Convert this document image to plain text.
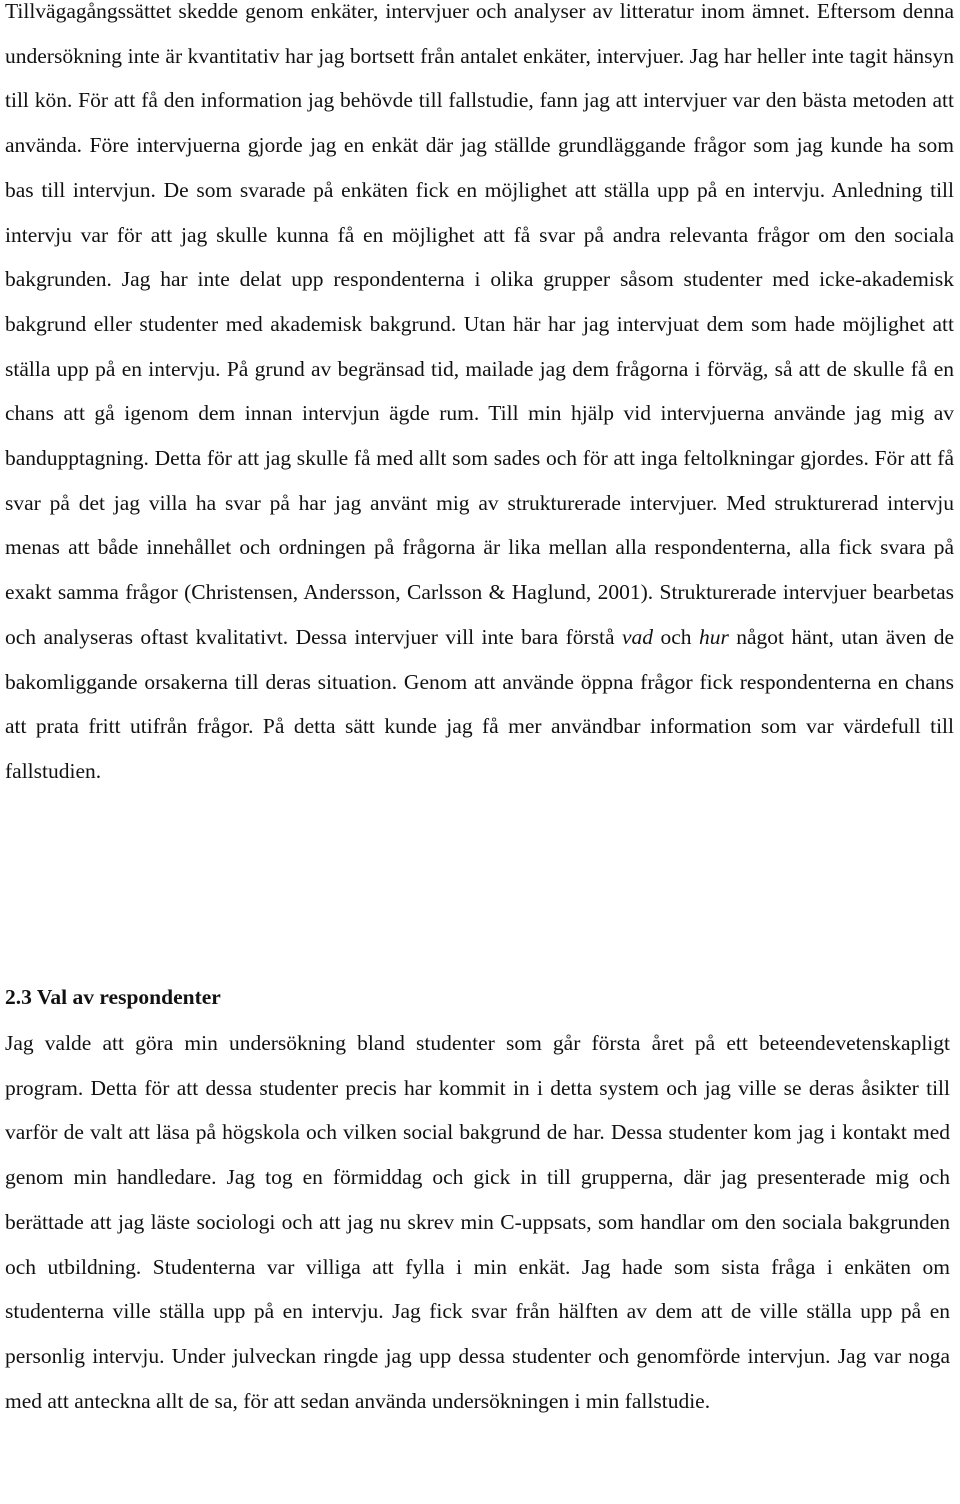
Tillvägagångssättet skedde genom enkäter, intervjuer och analyser av litteratur inom ämnet. Eftersom denna undersökning inte är kvantitativ har jag bortsett från antalet enkäter, intervjuer. Jag har heller inte tagit hänsyn till kön. För att få den information jag behövde till fallstudie, fann jag att intervjuer var den bästa metoden att använda. Före intervjuerna gjorde jag en enkät där jag ställde grundläggande frågor som jag kunde ha som bas till intervjun. De som svarade på enkäten fick en möjlighet att ställa upp på en intervju. Anledning till intervju var för att jag skulle kunna få en möjlighet att få svar på andra relevanta frågor om den sociala bakgrunden. Jag har inte delat upp respondenterna i olika grupper såsom studenter med icke-akademisk bakgrund eller studenter med akademisk bakgrund. Utan här har jag intervjuat dem som hade möjlighet att ställa upp på en intervju. På grund av begränsad tid, mailade jag dem frågorna i förväg, så att de skulle få en chans att gå igenom dem innan intervjun ägde rum. Till min hjälp vid intervjuerna använde jag mig av bandupptagning. Detta för att jag skulle få med allt som sades och för att inga feltolkningar gjordes. För att få svar på det jag villa ha svar på har jag använt mig av strukturerade intervjuer. Med strukturerad intervju menas att både innehållet och ordningen på frågorna är lika mellan alla respondenterna, alla fick svara på exakt samma frågor (Christensen, Andersson, Carlsson & Haglund, 2001). Strukturerade intervjuer bearbetas och analyseras oftast kvalitativt. Dessa intervjuer vill inte bara förstå vad och hur något hänt, utan även de bakomliggande orsakerna till deras situation. Genom att använde öppna frågor fick respondenterna en chans att prata fritt utifrån frågor. På detta sätt kunde jag få mer användbar information som var värdefull till fallstudien.

2.3 Val av respondenter

Jag valde att göra min undersökning bland studenter som går första året på ett beteendevetenskapligt program. Detta för att dessa studenter precis har kommit in i detta system och jag ville se deras åsikter till varför de valt att läsa på högskola och vilken social bakgrund de har. Dessa studenter kom jag i kontakt med genom min handledare. Jag tog en förmiddag och gick in till grupperna, där jag presenterade mig och berättade att jag läste sociologi och att jag nu skrev min C-uppsats, som handlar om den sociala bakgrunden och utbildning. Studenterna var villiga att fylla i min enkät. Jag hade som sista fråga i enkäten om studenterna ville ställa upp på en intervju. Jag fick svar från hälften av dem att de ville ställa upp på en personlig intervju. Under julveckan ringde jag upp dessa studenter och genomförde intervjun. Jag var noga med att anteckna allt de sa, för att sedan använda undersökningen i min fallstudie.
